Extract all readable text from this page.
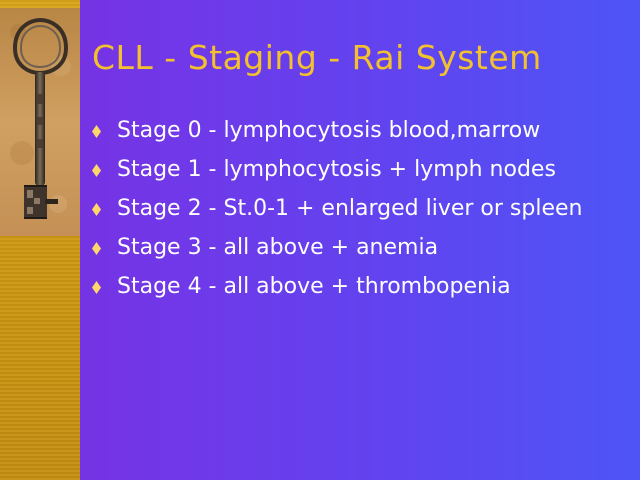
CLL - Staging - Rai System
Stage 0 - lymphocytosis blood,marrow
Stage 1 - lymphocytosis + lymph nodes
Stage 2 - St.0-1 + enlarged liver or spleen
Stage 3 - all above + anemia
Stage 4 - all above + thrombopenia
